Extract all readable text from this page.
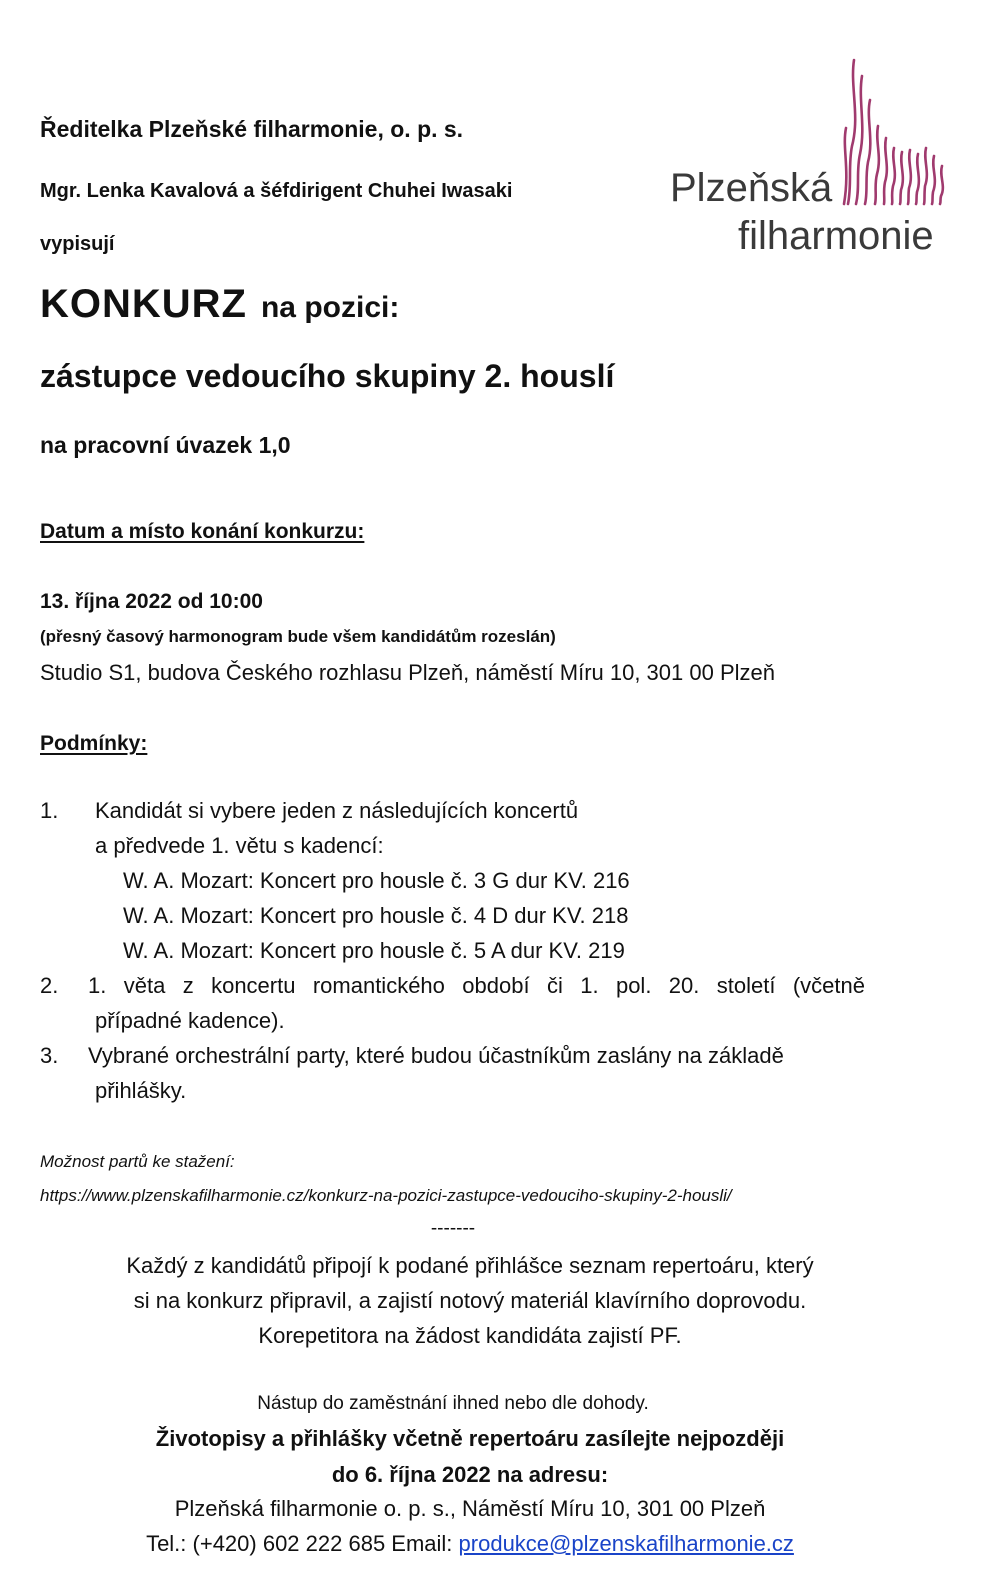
Ředitelka Plzeňské filharmonie, o. p. s.
Mgr. Lenka Kavalová a šéfdirigent Chuhei Iwasaki
vypisují
Plzeňská
filharmonie
KONKURZ na pozici:
zástupce vedoucího skupiny 2. houslí
na pracovní úvazek 1,0
Datum a místo konání konkurzu:
13. října 2022 od 10:00
(přesný časový harmonogram bude všem kandidátům rozeslán)
Studio S1, budova Českého rozhlasu Plzeň, náměstí Míru 10, 301 00 Plzeň
Podmínky:
1. Kandidát si vybere jeden z následujících koncertů
a předvede 1. větu s kadencí:
W. A. Mozart: Koncert pro housle č. 3 G dur KV. 216
W. A. Mozart: Koncert pro housle č. 4 D dur KV. 218
W. A. Mozart: Koncert pro housle č. 5 A dur KV. 219
2. 1. věta z koncertu romantického období či 1. pol. 20. století (včetně
případné kadence).
3. Vybrané orchestrální party, které budou účastníkům zaslány na základě
přihlášky.
Možnost partů ke stažení:
https://www.plzenskafilharmonie.cz/konkurz-na-pozici-zastupce-vedouciho-skupiny-2-housli/
-------
Každý z kandidátů připojí k podané přihlášce seznam repertoáru, který
si na konkurz připravil, a zajistí notový materiál klavírního doprovodu.
Korepetitora na žádost kandidáta zajistí PF.
Nástup do zaměstnání ihned nebo dle dohody.
Životopisy a přihlášky včetně repertoáru zasílejte nejpozději
do 6. října 2022 na adresu:
Plzeňská filharmonie o. p. s., Náměstí Míru 10, 301 00 Plzeň
Tel.: (+420) 602 222 685 Email: produkce@plzenskafilharmonie.cz
